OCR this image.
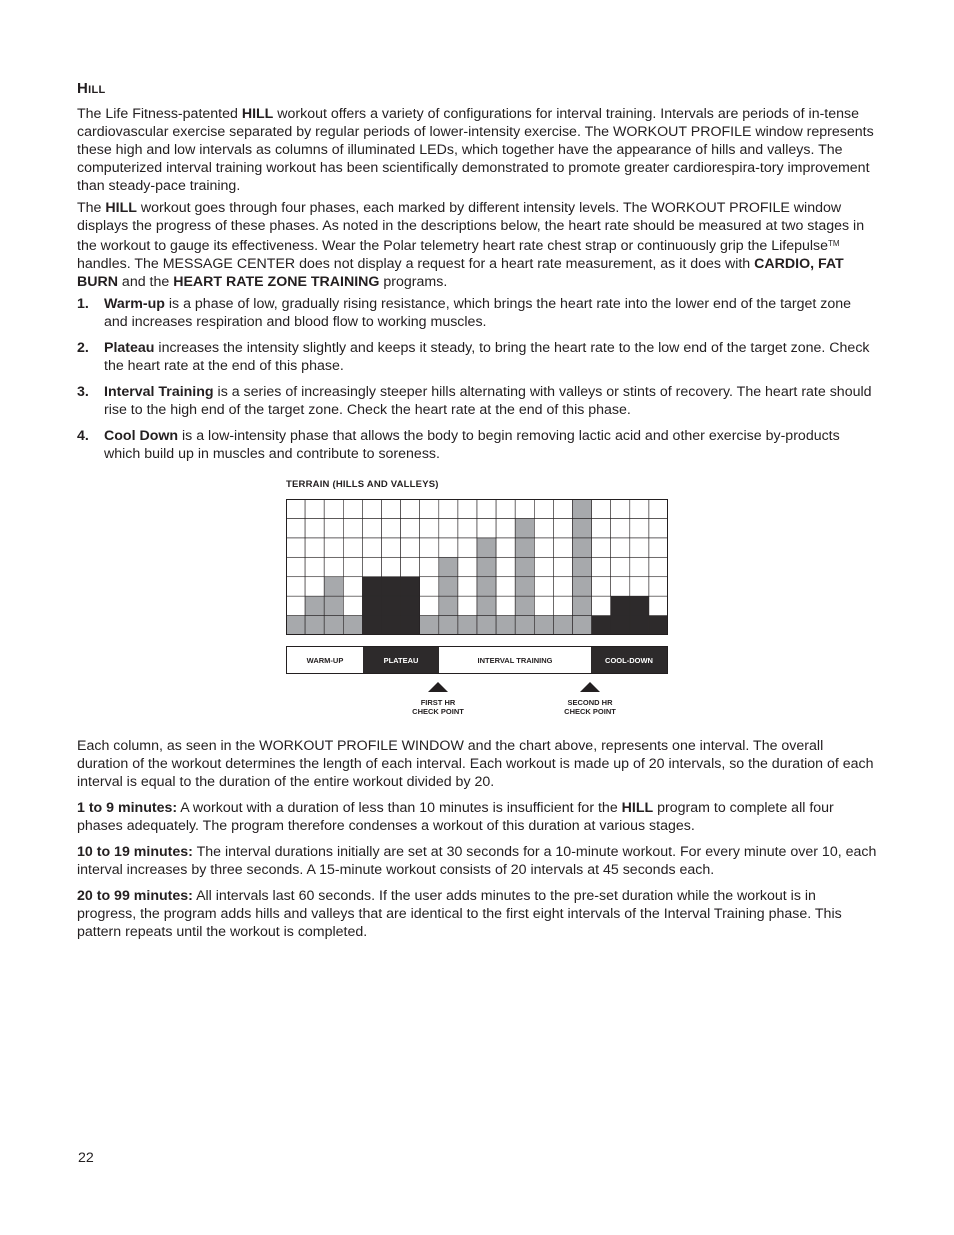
Hill

The Life Fitness-patented HILL workout offers a variety of configurations for interval training. Intervals are periods of in-tense cardiovascular exercise separated by regular periods of lower-intensity exercise. The WORKOUT PROFILE window represents these high and low intervals as columns of illuminated LEDs, which together have the appearance of hills and valleys. The computerized interval training workout has been scientifically demonstrated to promote greater cardiorespira-tory improvement than steady-pace training.

The HILL workout goes through four phases, each marked by different intensity levels. The WORKOUT PROFILE window displays the progress of these phases. As noted in the descriptions below, the heart rate should be measured at two stages in the workout to gauge its effectiveness. Wear the Polar telemetry heart rate chest strap or continuously grip the Lifepulse™ handles. The MESSAGE CENTER does not display a request for a heart rate measurement, as it does with CARDIO, FAT BURN and the HEART RATE ZONE TRAINING programs.

1. Warm-up is a phase of low, gradually rising resistance, which brings the heart rate into the lower end of the target zone and increases respiration and blood flow to working muscles.
2. Plateau increases the intensity slightly and keeps it steady, to bring the heart rate to the low end of the target zone. Check the heart rate at the end of this phase.
3. Interval Training is a series of increasingly steeper hills alternating with valleys or stints of recovery. The heart rate should rise to the high end of the target zone. Check the heart rate at the end of this phase.
4. Cool Down is a low-intensity phase that allows the body to begin removing lactic acid and other exercise by-products which build up in muscles and contribute to soreness.
TERRAIN (HILLS AND VALLEYS)
WARM-UP	PLATEAU	INTERVAL TRAINING	COOL-DOWN
FIRST HR
CHECK POINT
SECOND HR
CHECK POINT

Each column, as seen in the WORKOUT PROFILE WINDOW and the chart above, represents one interval. The overall duration of the workout determines the length of each interval. Each workout is made up of 20 intervals, so the duration of each interval is equal to the duration of the entire workout divided by 20.

1 to 9 minutes: A workout with a duration of less than 10 minutes is insufficient for the HILL program to complete all four phases adequately. The program therefore condenses a workout of this duration at various stages.

10 to 19 minutes: The interval durations initially are set at 30 seconds for a 10-minute workout. For every minute over 10, each interval increases by three seconds. A 15-minute workout consists of 20 intervals at 45 seconds each.

20 to 99 minutes: All intervals last 60 seconds. If the user adds minutes to the pre-set duration while the workout is in progress, the program adds hills and valleys that are identical to the first eight intervals of the Interval Training phase. This pattern repeats until the workout is completed.

22
